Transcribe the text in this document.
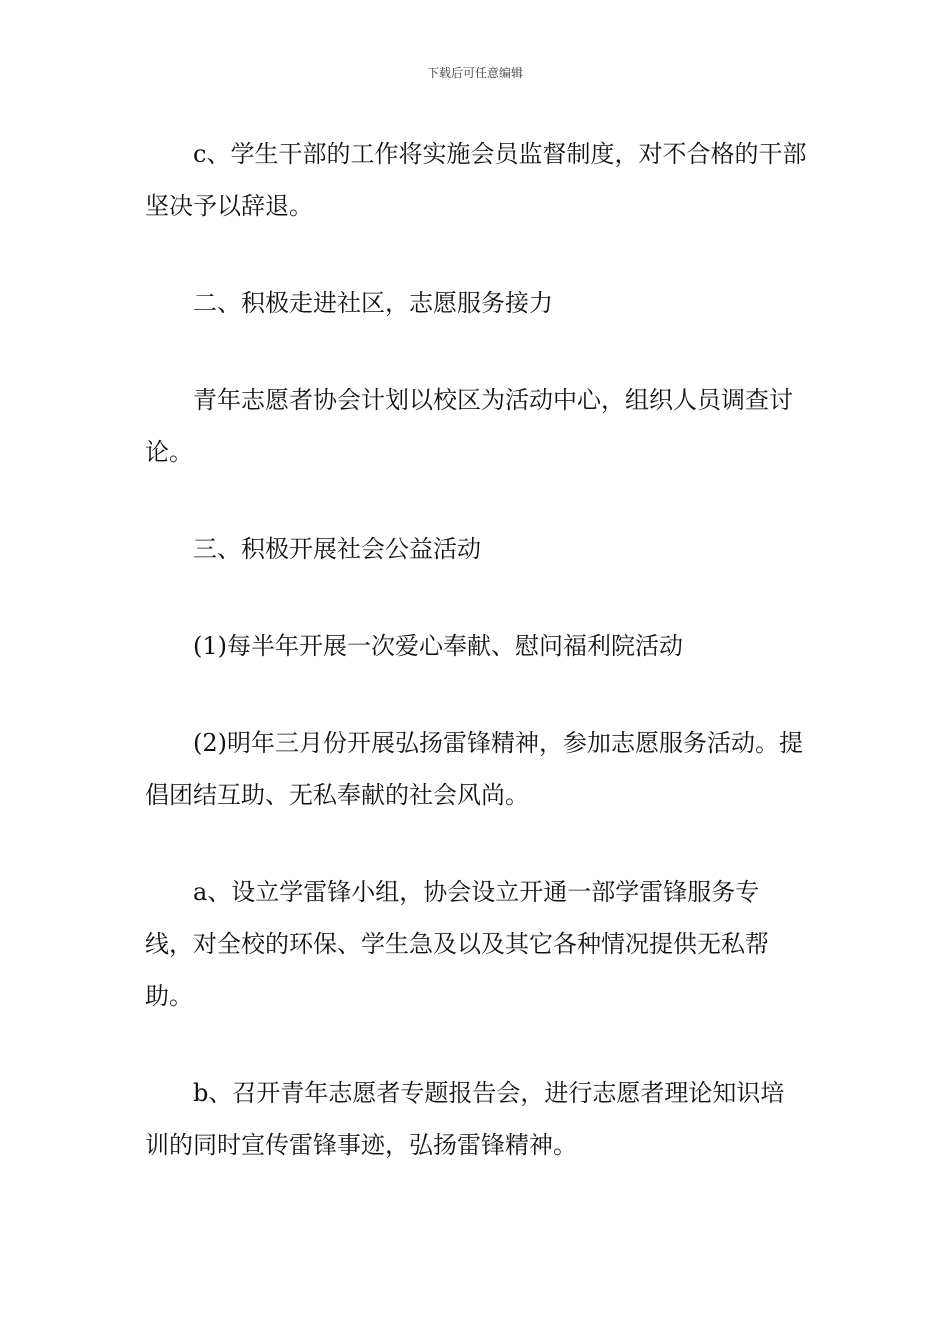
下载后可任意编辑

c、学生干部的工作将实施会员监督制度，对不合格的干部坚决予以辞退。

二、积极走进社区，志愿服务接力

青年志愿者协会计划以校区为活动中心，组织人员调查讨论。

三、积极开展社会公益活动

(1)每半年开展一次爱心奉献、慰问福利院活动

(2)明年三月份开展弘扬雷锋精神，参加志愿服务活动。提倡团结互助、无私奉献的社会风尚。

a、设立学雷锋小组，协会设立开通一部学雷锋服务专线，对全校的环保、学生急及以及其它各种情况提供无私帮助。

b、召开青年志愿者专题报告会，进行志愿者理论知识培训的同时宣传雷锋事迹，弘扬雷锋精神。
